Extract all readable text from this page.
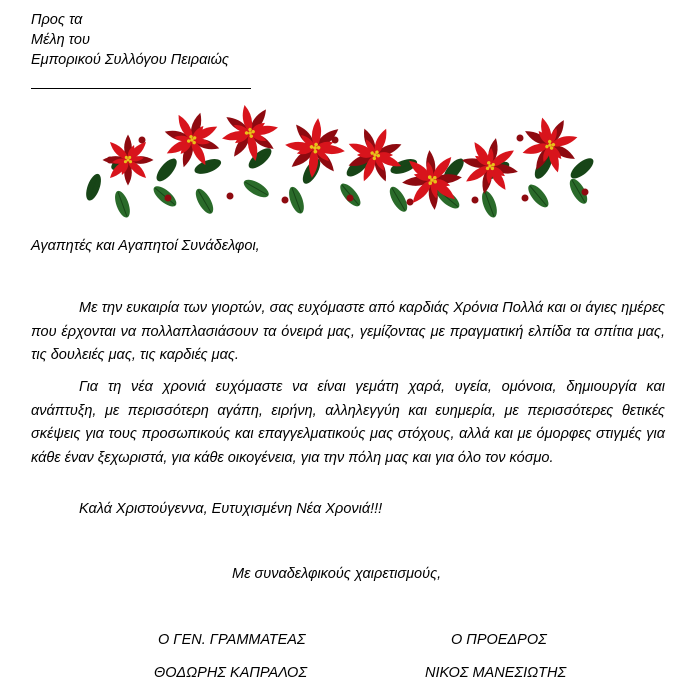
Προς τα
Μέλη του
Εμπορικού Συλλόγου Πειραιώς
Αγαπητές και Αγαπητοί Συνάδελφοι,
Με την ευκαιρία των γιορτών, σας ευχόμαστε από καρδιάς Χρόνια Πολλά και οι άγιες ημέρες που έρχονται να πολλαπλασιάσουν τα όνειρά μας, γεμίζοντας με πραγματική ελπίδα τα σπίτια μας, τις δουλειές μας, τις καρδιές μας.
Για τη νέα χρονιά ευχόμαστε να είναι γεμάτη χαρά, υγεία, ομόνοια, δημιουργία και ανάπτυξη, με περισσότερη αγάπη, ειρήνη, αλληλεγγύη και ευημερία, με περισσότερες θετικές σκέψεις για τους προσωπικούς και επαγγελματικούς μας στόχους, αλλά και με όμορφες στιγμές για κάθε έναν ξεχωριστά, για κάθε οικογένεια, για την πόλη μας και για όλο τον κόσμο.
Καλά Χριστούγεννα, Ευτυχισμένη Νέα Χρονιά!!!
Με συναδελφικούς χαιρετισμούς,
Ο ΓΕΝ. ΓΡΑΜΜΑΤΕΑΣ
ΘΟΔΩΡΗΣ ΚΑΠΡΑΛΟΣ
Ο ΠΡΟΕΔΡΟΣ
ΝΙΚΟΣ ΜΑΝΕΣΙΩΤΗΣ
